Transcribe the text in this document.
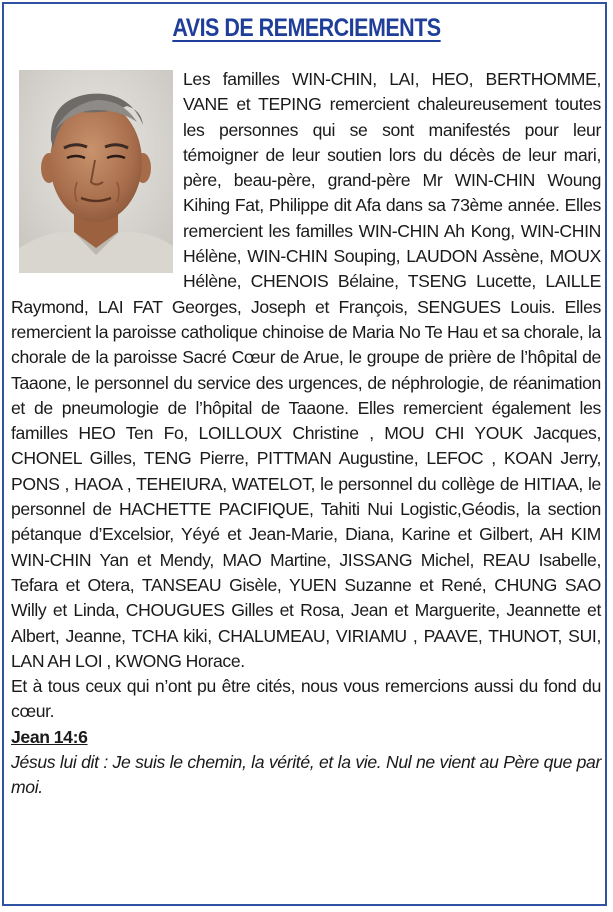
AVIS DE REMERCIEMENTS

Les familles WIN-CHIN, LAI, HEO, BERTHOMME, VANE et TEPING remercient chaleureusement toutes les personnes qui se sont manifestés pour leur témoigner de leur soutien lors du décès de leur mari, père, beau-père, grand-père Mr WIN-CHIN Woung Kihing Fat, Philippe dit Afa dans sa 73ème année. Elles remercient les familles WIN-CHIN Ah Kong, WIN-CHIN Hélène, WIN-CHIN Souping, LAUDON Assène, MOUX Hélène, CHENOIS Bélaine, TSENG Lucette, LAILLE Raymond, LAI FAT Georges, Joseph et François, SENGUES Louis. Elles remercient la paroisse catholique chinoise de Maria No Te Hau et sa chorale, la chorale de la paroisse Sacré Cœur de Arue, le groupe de prière de l’hôpital de Taaone, le personnel du service des urgences, de néphrologie, de réanimation et de pneumologie de l’hôpital de Taaone. Elles remercient également les familles HEO Ten Fo, LOILLOUX Christine , MOU CHI YOUK Jacques, CHONEL Gilles, TENG Pierre, PITTMAN Augustine, LEFOC , KOAN Jerry, PONS , HAOA , TEHEIURA, WATELOT, le personnel du collège de HITIAA, le personnel de HACHETTE PACIFIQUE, Tahiti Nui Logistic,Géodis, la section pétanque d’Excelsior, Yéyé et Jean-Marie, Diana, Karine et Gilbert, AH KIM WIN-CHIN Yan et Mendy, MAO Martine, JISSANG Michel, REAU Isabelle, Tefara et Otera, TANSEAU Gisèle, YUEN Suzanne et René, CHUNG SAO Willy et Linda, CHOUGUES Gilles et Rosa, Jean et Marguerite, Jeannette et Albert, Jeanne, TCHA kiki, CHALUMEAU, VIRIAMU , PAAVE, THUNOT, SUI, LAN AH LOI , KWONG Horace.

Et à tous ceux qui n’ont pu être cités, nous vous remercions aussi du fond du cœur.

Jean 14:6

Jésus lui dit : Je suis le chemin, la vérité, et la vie. Nul ne vient au Père que par moi.
